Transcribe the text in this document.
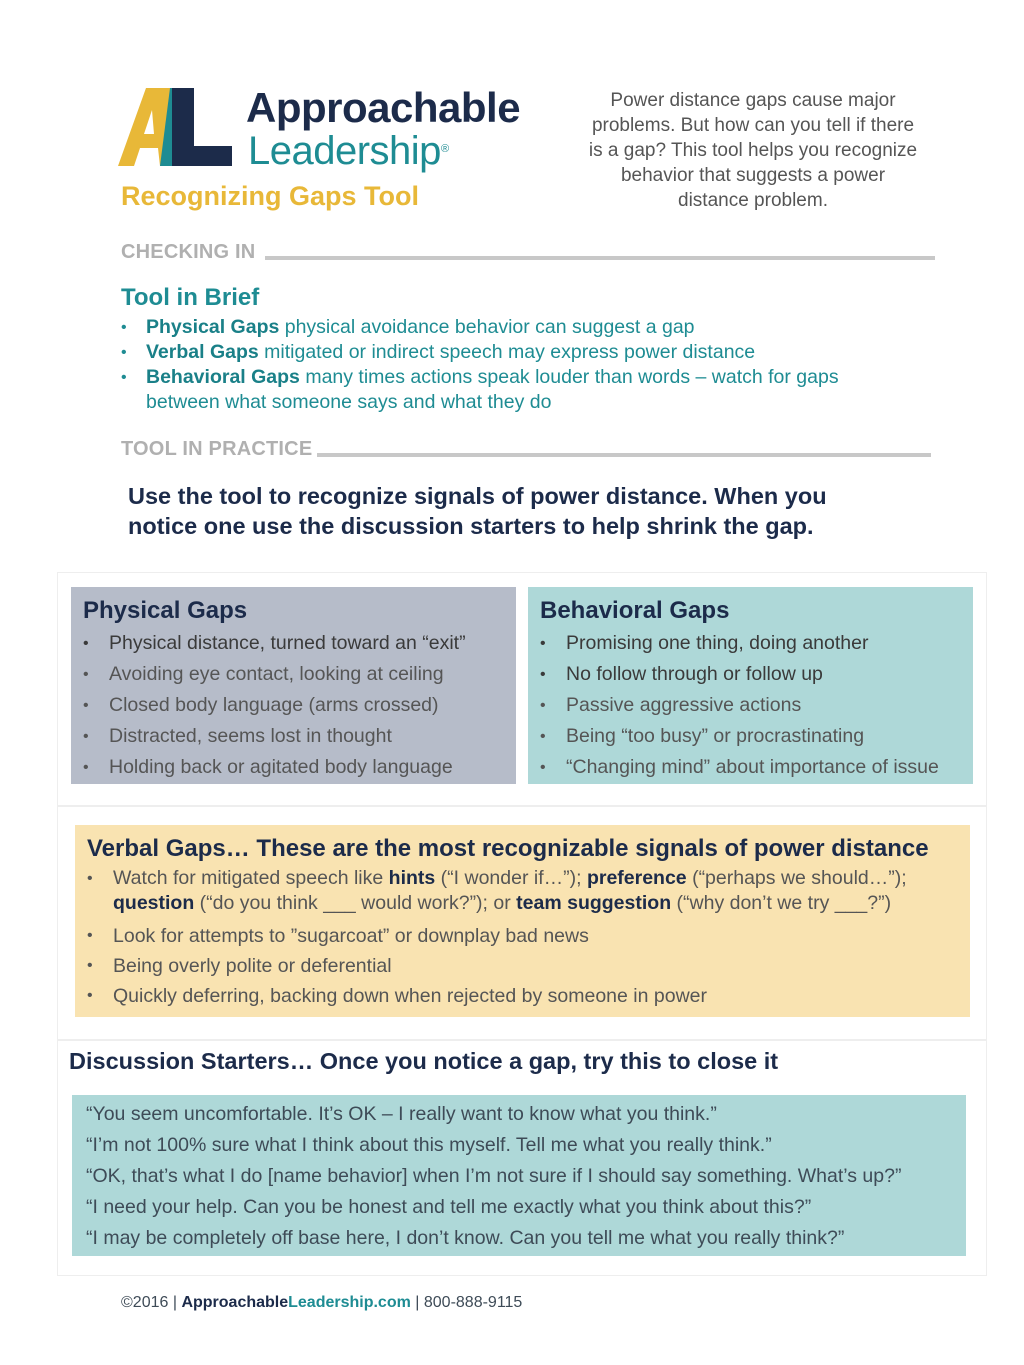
Approachable
Leadership®
Recognizing Gaps Tool
Power distance gaps cause major problems. But how can you tell if there is a gap? This tool helps you recognize behavior that suggests a power distance problem.
CHECKING IN
Tool in Brief
• Physical Gaps physical avoidance behavior can suggest a gap
• Verbal Gaps mitigated or indirect speech may express power distance
• Behavioral Gaps many times actions speak louder than words – watch for gaps between what someone says and what they do
TOOL IN PRACTICE
Use the tool to recognize signals of power distance. When you notice one use the discussion starters to help shrink the gap.
Physical Gaps
• Physical distance, turned toward an “exit”
• Avoiding eye contact, looking at ceiling
• Closed body language (arms crossed)
• Distracted, seems lost in thought
• Holding back or agitated body language
Behavioral Gaps
• Promising one thing, doing another
• No follow through or follow up
• Passive aggressive actions
• Being “too busy” or procrastinating
• “Changing mind” about importance of issue
Verbal Gaps… These are the most recognizable signals of power distance
• Watch for mitigated speech like hints (“I wonder if…”); preference (“perhaps we should…”); question (“do you think ___ would work?”); or team suggestion (“why don’t we try ___?”)
• Look for attempts to ”sugarcoat” or downplay bad news
• Being overly polite or deferential
• Quickly deferring, backing down when rejected by someone in power
Discussion Starters… Once you notice a gap, try this to close it

“You seem uncomfortable. It’s OK – I really want to know what you think.”

“I’m not 100% sure what I think about this myself. Tell me what you really think.”

“OK, that’s what I do [name behavior] when I’m not sure if I should say something. What’s up?”

“I need your help. Can you be honest and tell me exactly what you think about this?”

“I may be completely off base here, I don’t know. Can you tell me what you really think?”

©2016 | ApproachableLeadership.com | 800-888-9115
